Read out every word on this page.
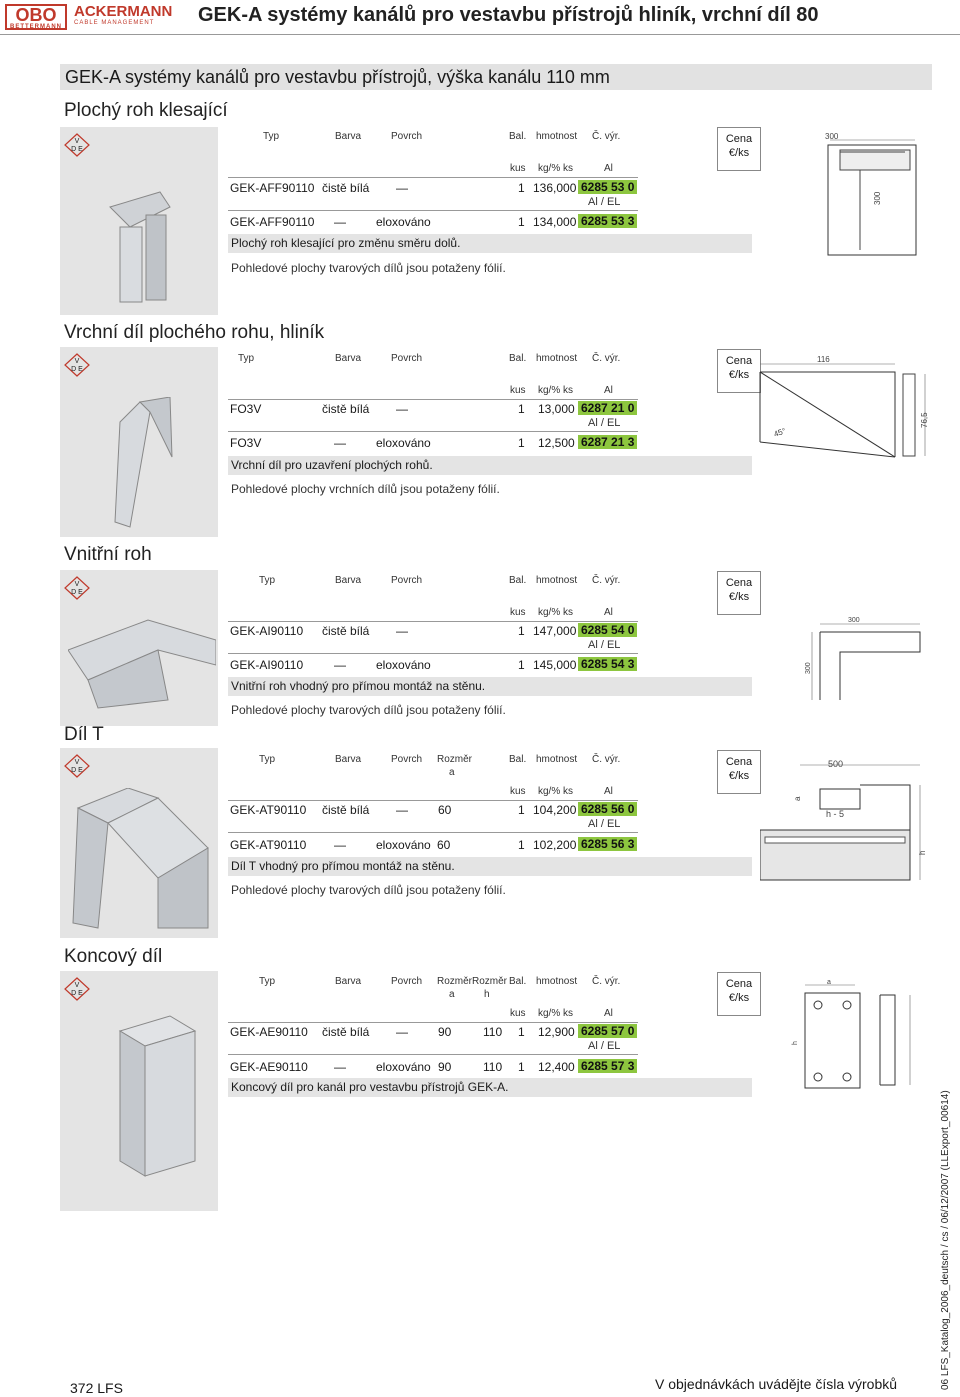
OBO
BETTERMANN
ACKERMANN
CABLE MANAGEMENT	GEK-A systémy kanálů pro vestavbu přístrojů hliník, vrchní díl 80
GEK-A systémy kanálů pro vestavbu přístrojů, výška kanálu 110 mm
Plochý roh klesající
V
D E
Typ	Barva	Povrch	Bal. hmotnost Č. výr.
kus kg/% ks	Al
GEK-AFF90110 čistě bílá —	1 136,000 6285 53 0
Al / EL
GEK-AFF90110 —	eloxováno	1 134,000 6285 53 3
Plochý roh klesající pro změnu směru dolů.
Pohledové plochy tvarových dílů jsou potaženy fólií.
Cena
€/ks
300
300
Vrchní díl plochého rohu, hliník
V
D E
Typ	Barva	Povrch	Bal. hmotnost Č. výr.
kus kg/% ks	Al
FO3V	čistě bílá —	1 13,000 6287 21 0
Al / EL
FO3V	—	eloxováno	1 12,500 6287 21 3
Vrchní díl pro uzavření plochých rohů.
Pohledové plochy vrchních dílů jsou potaženy fólií.
Cena
€/ks
116
76,5
45°
Vnitřní roh
V
D E
Díl T
Typ	Barva	Povrch	Bal. hmotnost Č. výr.
kus kg/% ks	Al
GEK-AI90110 čistě bílá —	1 147,000 6285 54 0
Al / EL
GEK-AI90110	—	eloxováno	1 145,000 6285 54 3
Vnitřní roh vhodný pro přímou montáž na stěnu.
Pohledové plochy tvarových dílů jsou potaženy fólií.
Cena
€/ks
300
300
V
D E
Typ	Barva	Povrch Rozměr
a
Bal. hmotnost Č. výr.
kus kg/% ks	Al
GEK-AT90110 čistě bílá —	60	1 104,200 6285 56 0
Al / EL
GEK-AT90110 —	eloxováno 60	1 102,200 6285 56 3
Díl T vhodný pro přímou montáž na stěnu.
Pohledové plochy tvarových dílů jsou potaženy fólií.
Cena
€/ks
500
a
h - 5
h
Koncový díl
V
D E
Typ	Barva	Povrch Rozměr
a
Rozměr
h
Bal. hmotnost Č. výr.
kus kg/% ks	Al
GEK-AE90110 čistě bílá —	90	110 1 12,900 6285 57 0
Al / EL
GEK-AE90110 —	eloxováno 90	110 1 12,400 6285 57 3
Koncový díl pro kanál pro vestavbu přístrojů GEK-A.
Cena
€/ks
a
h
06 LFS_Katalog_2006_deutsch / cs / 06/12/2007 (LLExport_00614)
372 LFS	V objednávkách uvádějte čísla výrobků
